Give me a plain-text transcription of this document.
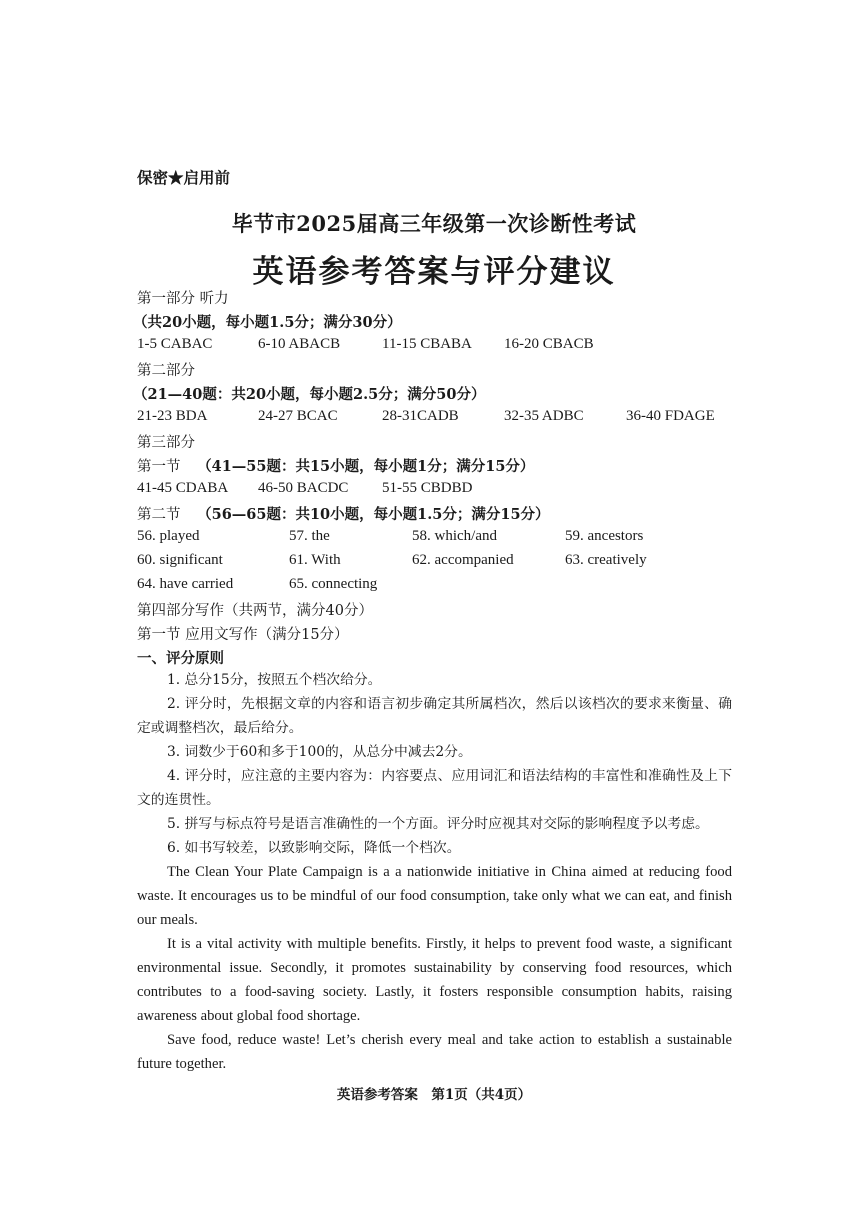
保密★启用前
毕节市2025届高三年级第一次诊断性考试
英语参考答案与评分建议
第一部分 听力
（共20小题，每小题1.5分；满分30分）
1-5 CABAC	6-10 ABACB	11-15 CBABA 16-20 CBACB
第二部分
（21—40题：共20小题，每小题2.5分；满分50分）
21-23 BDA	24-27 BCAC	28-31CADB	32-35 ADBC	36-40 FDAGE
第三部分
第一节 （41—55题：共15小题，每小题1分；满分15分）
41-45 CDABA 46-50 BACDC 51-55 CBDBD
第二节 （56—65题：共10小题，每小题1.5分；满分15分）
56. played	57. the	58. which/and	59. ancestors
60. significant	61. With	62. accompanied	63. creatively
64. have carried	65. connecting
第四部分写作（共两节，满分40分）
第一节 应用文写作（满分15分）
一、评分原则

1. 总分15分，按照五个档次给分。

2. 评分时，先根据文章的内容和语言初步确定其所属档次，然后以该档次的要求来衡量、确定或调整档次，最后给分。

3. 词数少于60和多于100的，从总分中减去2分。

4. 评分时，应注意的主要内容为：内容要点、应用词汇和语法结构的丰富性和准确性及上下文的连贯性。

5. 拼写与标点符号是语言准确性的一个方面。评分时应视其对交际的影响程度予以考虑。

6. 如书写较差，以致影响交际，降低一个档次。

The Clean Your Plate Campaign is a a nationwide initiative in China aimed at reducing food waste. It encourages us to be mindful of our food consumption, take only what we can eat, and finish our meals.

It is a vital activity with multiple benefits. Firstly, it helps to prevent food waste, a significant environmental issue. Secondly, it promotes sustainability by conserving food resources, which contributes to a food-saving society. Lastly, it fosters responsible consumption habits, raising awareness about global food shortage.

Save food, reduce waste! Let’s cherish every meal and take action to establish a sustainable future together.

英语参考答案　第1页（共4页）
